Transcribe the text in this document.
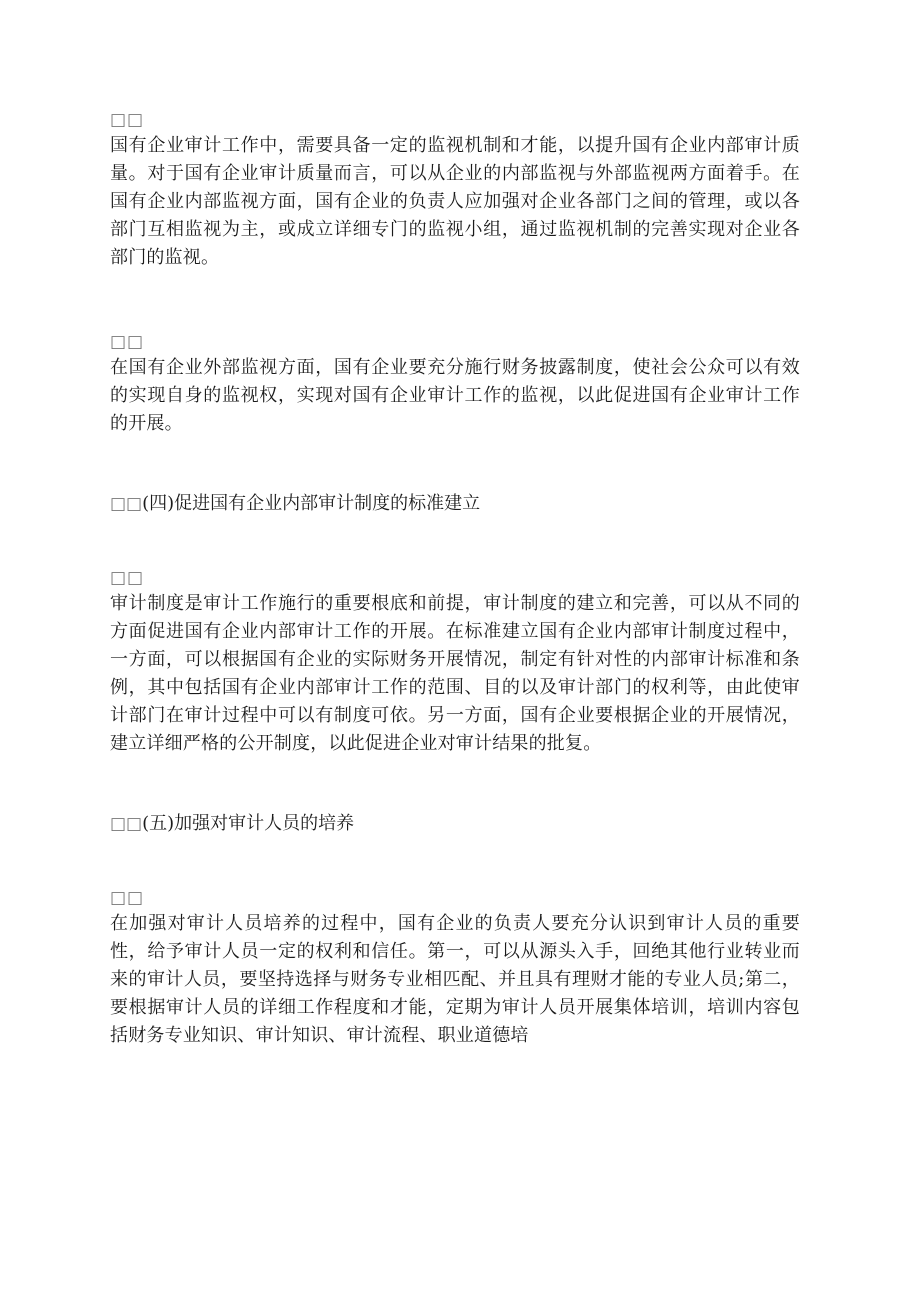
□□
国有企业审计工作中，需要具备一定的监视机制和才能，以提升国有企业内部审计质量。对于国有企业审计质量而言，可以从企业的内部监视与外部监视两方面着手。在国有企业内部监视方面，国有企业的负责人应加强对企业各部门之间的管理，或以各部门互相监视为主，或成立详细专门的监视小组，通过监视机制的完善实现对企业各部门的监视。
□□
在国有企业外部监视方面，国有企业要充分施行财务披露制度，使社会公众可以有效的实现自身的监视权，实现对国有企业审计工作的监视，以此促进国有企业审计工作的开展。
□□(四)促进国有企业内部审计制度的标准建立
□□
审计制度是审计工作施行的重要根底和前提，审计制度的建立和完善，可以从不同的方面促进国有企业内部审计工作的开展。在标准建立国有企业内部审计制度过程中，一方面，可以根据国有企业的实际财务开展情况，制定有针对性的内部审计标准和条例，其中包括国有企业内部审计工作的范围、目的以及审计部门的权利等，由此使审计部门在审计过程中可以有制度可依。另一方面，国有企业要根据企业的开展情况，建立详细严格的公开制度，以此促进企业对审计结果的批复。
□□(五)加强对审计人员的培养
□□
在加强对审计人员培养的过程中，国有企业的负责人要充分认识到审计人员的重要性，给予审计人员一定的权利和信任。第一，可以从源头入手，回绝其他行业转业而来的审计人员，要坚持选择与财务专业相匹配、并且具有理财才能的专业人员;第二，要根据审计人员的详细工作程度和才能，定期为审计人员开展集体培训，培训内容包括财务专业知识、审计知识、审计流程、职业道德培
